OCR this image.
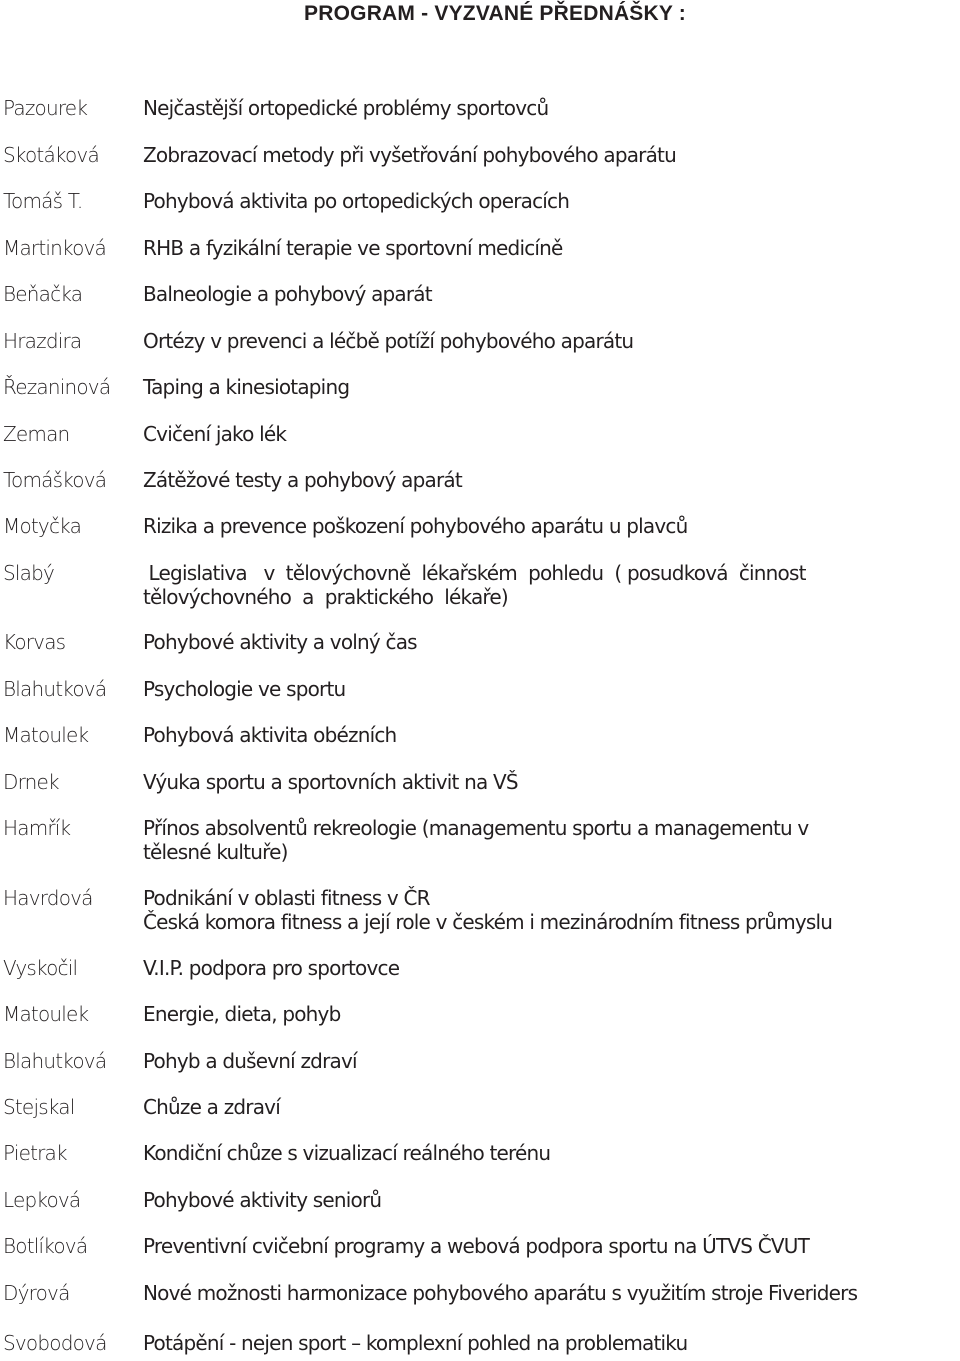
PROGRAM - VYZVANÉ PŘEDNÁŠKY :
Pazourek	Nejčastější ortopedické problémy sportovců
Skotáková Zobrazovací metody při vyšetřování pohybového aparátu
Tomáš T.	Pohybová aktivita po ortopedických operacích
Martinková RHB a fyzikální terapie ve sportovní medicíně
Beňačka	Balneologie a pohybový aparát
Hrazdira	Ortézy v prevenci a léčbě potíží pohybového aparátu
Řezaninová Taping a kinesiotaping
Zeman	Cvičení jako lék
Tomášková Zátěžové testy a pohybový aparát
Motyčka	Rizika a prevence poškození pohybového aparátu u plavců
Slabý	Legislativa   v  tělovýchovně  lékařském  pohledu  ( posudková  činnost
tělovýchovného  a  praktického  lékaře)
Korvas	Pohybové aktivity a volný čas
Blahutková Psychologie ve sportu
Matoulek	Pohybová aktivita obézních
Drnek	Výuka sportu a sportovních aktivit na VŠ
Hamřík	Přínos absolventů rekreologie (managementu sportu a managementu v
tělesné kultuře)
Havrdová	Podnikání v oblasti fitness v ČR
Česká komora fitness a její role v českém i mezinárodním fitness průmyslu
Vyskočil	V.I.P. podpora pro sportovce
Matoulek	Energie, dieta, pohyb
Blahutková Pohyb a duševní zdraví
Stejskal	Chůze a zdraví
Pietrak	Kondiční chůze s vizualizací reálného terénu
Lepková	Pohybové aktivity seniorů
Botlíková	Preventivní cvičební programy a webová podpora sportu na ÚTVS ČVUT
Dýrová	Nové možnosti harmonizace pohybového aparátu s využitím stroje Fiveriders
Svobodová Potápění - nejen sport – komplexní pohled na problematiku
